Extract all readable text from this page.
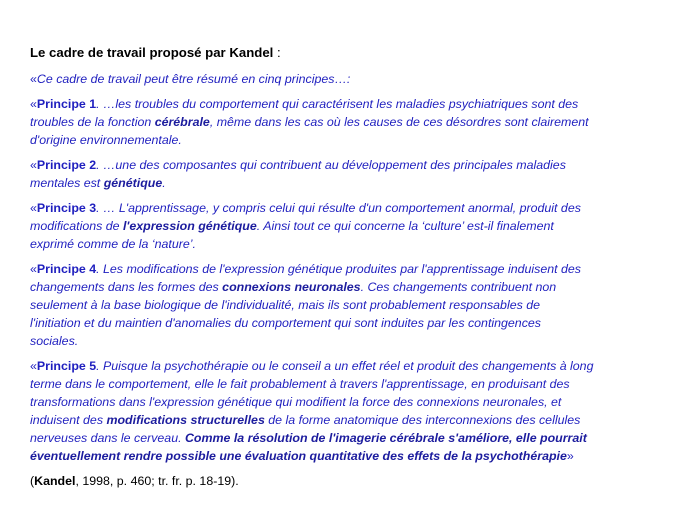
Le cadre de travail proposé par Kandel :
«Ce cadre de travail peut être résumé en cinq principes…:
«Principe 1. …les troubles du comportement qui caractérisent les maladies psychiatriques sont des
troubles de la fonction cérébrale, même dans les cas où les causes de ces désordres sont clairement
d'origine environnementale.
«Principe 2. …une des composantes qui contribuent au développement des principales maladies
mentales est génétique.
«Principe 3. … L'apprentissage, y compris celui qui résulte d'un comportement anormal, produit des
modifications de l'expression génétique. Ainsi tout ce qui concerne la ‘culture’ est-il finalement
exprimé comme de la ‘nature’.
«Principe 4. Les modifications de l'expression génétique produites par l'apprentissage induisent des
changements dans les formes des connexions neuronales. Ces changements contribuent non
seulement à la base biologique de l'individualité, mais ils sont probablement responsables de
l'initiation et du maintien d'anomalies du comportement qui sont induites par les contingences
sociales.
«Principe 5. Puisque la psychothérapie ou le conseil a un effet réel et produit des changements à long
terme dans le comportement, elle le fait probablement à travers l'apprentissage, en produisant des
transformations dans l'expression génétique qui modifient la force des connexions neuronales, et
induisent des modifications structurelles de la forme anatomique des interconnexions des cellules
nerveuses dans le cerveau. Comme la résolution de l'imagerie cérébrale s'améliore, elle pourrait
éventuellement rendre possible une évaluation quantitative des effets de la psychothérapie»
(Kandel, 1998, p. 460; tr. fr. p. 18-19).
